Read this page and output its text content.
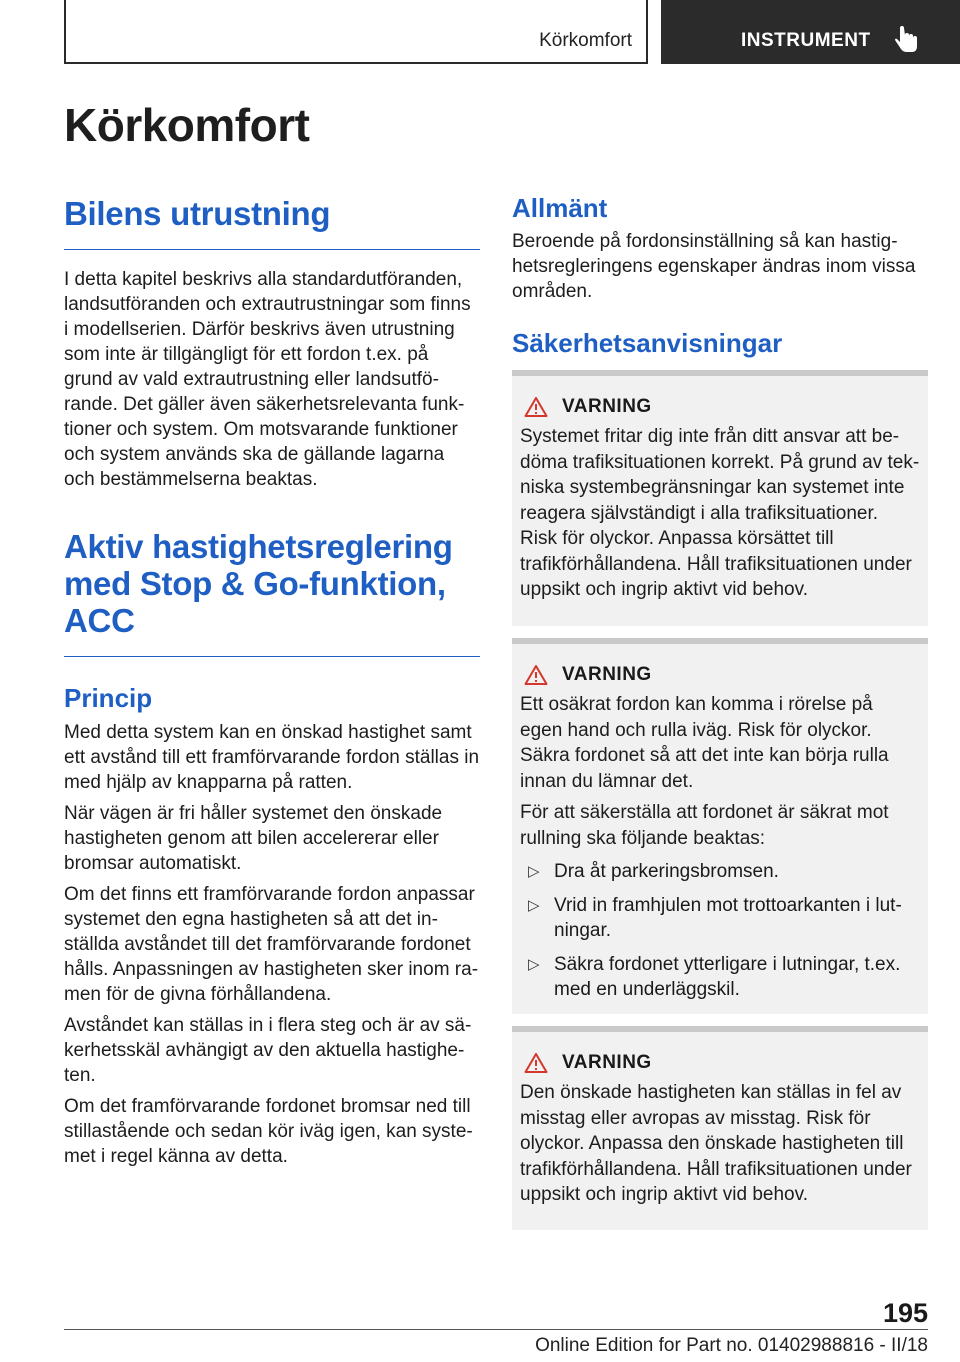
Körkomfort	INSTRUMENT
Körkomfort
Bilens utrustning

I detta kapitel beskrivs alla standardutföranden, landsutföranden och extrautrustningar som finns i modellserien. Därför beskrivs även utrustning som inte är tillgängligt för ett fordon t.ex. på grund av vald extrautrustning eller landsutförande. Det gäller även säkerhetsrelevanta funktioner och system. Om motsvarande funktioner och system används ska de gällande lagarna och bestämmelserna beaktas.

Aktiv hastighetsreglering med Stop & Go-funktion, ACC
Princip

Med detta system kan en önskad hastighet samt ett avstånd till ett framförvarande fordon ställas in med hjälp av knapparna på ratten.

När vägen är fri håller systemet den önskade hastigheten genom att bilen accelererar eller bromsar automatiskt.

Om det finns ett framförvarande fordon anpassar systemet den egna hastigheten så att det inställda avståndet till det framförvarande fordonet hålls. Anpassningen av hastigheten sker inom ramen för de givna förhållandena.

Avståndet kan ställas in i flera steg och är av säkerhetsskäl avhängigt av den aktuella hastigheten.

Om det framförvarande fordonet bromsar ned till stillastående och sedan kör iväg igen, kan systemet i regel känna av detta.

Allmänt

Beroende på fordonsinställning så kan hastighetsregleringens egenskaper ändras inom vissa områden.

Säkerhetsanvisningar
VARNING

Systemet fritar dig inte från ditt ansvar att bedöma trafiksituationen korrekt. På grund av tekniska systembegränsningar kan systemet inte reagera självständigt i alla trafiksituationer. Risk för olyckor. Anpassa körsättet till trafikförhållandena. Håll trafiksituationen under uppsikt och ingrip aktivt vid behov.

VARNING

Ett osäkrat fordon kan komma i rörelse på egen hand och rulla iväg. Risk för olyckor. Säkra fordonet så att det inte kan börja rulla innan du lämnar det.

För att säkerställa att fordonet är säkrat mot rullning ska följande beaktas:

▷ Dra åt parkeringsbromsen.
▷ Vrid in framhjulen mot trottoarkanten i lutningar.
▷ Säkra fordonet ytterligare i lutningar, t.ex. med en underläggskil.
VARNING

Den önskade hastigheten kan ställas in fel av misstag eller avropas av misstag. Risk för olyckor. Anpassa den önskade hastigheten till trafikförhållandena. Håll trafiksituationen under uppsikt och ingrip aktivt vid behov.

195
Online Edition for Part no. 01402988816 - II/18
